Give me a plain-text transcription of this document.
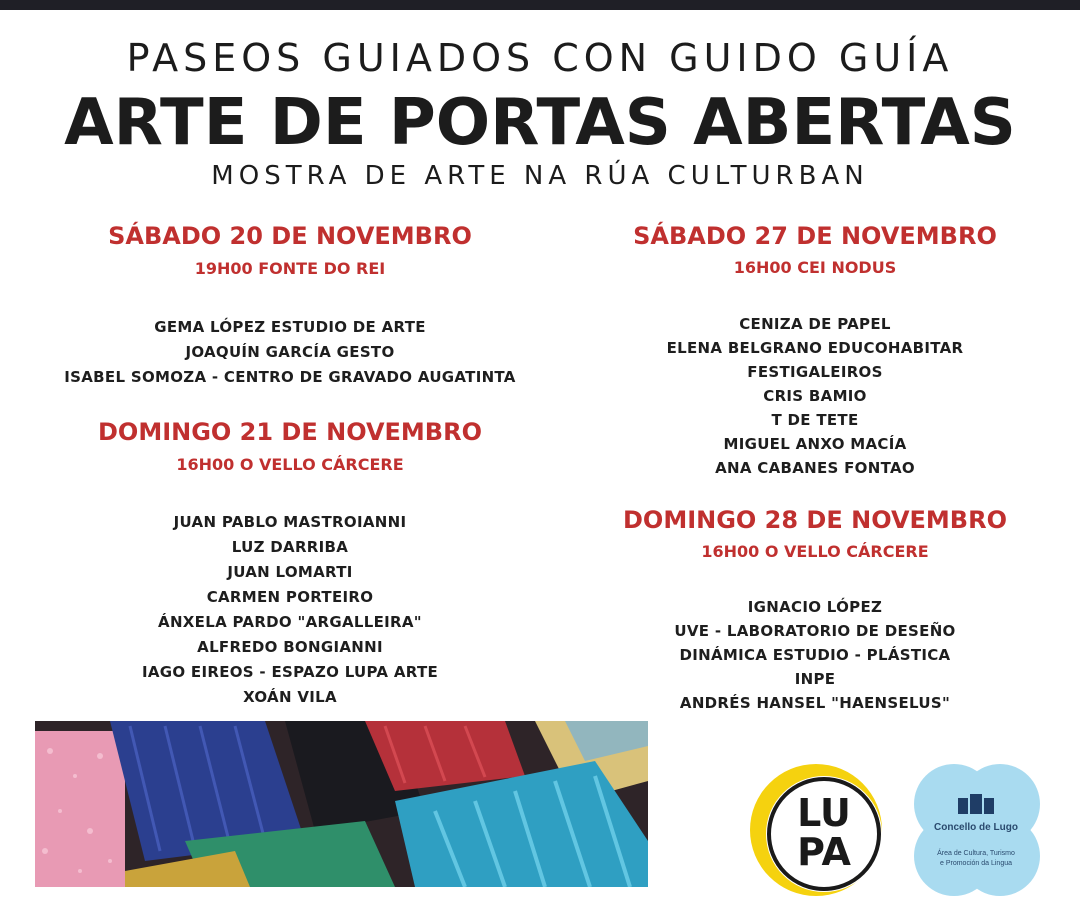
PASEOS GUIADOS CON GUIDO GUÍA
ARTE DE PORTAS ABERTAS
MOSTRA DE ARTE NA RÚA CULTURBAN
SÁBADO 20 DE NOVEMBRO
19H00 FONTE DO REI
GEMA LÓPEZ ESTUDIO DE ARTE
JOAQUÍN GARCÍA GESTO
ISABEL SOMOZA - CENTRO DE GRAVADO AUGATINTA
DOMINGO 21 DE NOVEMBRO
16H00 O VELLO CÁRCERE
JUAN PABLO MASTROIANNI
LUZ DARRIBA
JUAN LOMARTI
CARMEN PORTEIRO
ÁNXELA PARDO "ARGALLEIRA"
ALFREDO BONGIANNI
IAGO EIREOS - ESPAZO LUPA ARTE
XOÁN VILA
SÁBADO 27 DE NOVEMBRO
16H00 CEI NODUS
CENIZA DE PAPEL
ELENA BELGRANO EDUCOHABITAR
FESTIGALEIROS
CRIS BAMIO
T DE TETE
MIGUEL ANXO MACÍA
ANA CABANES FONTAO
DOMINGO 28 DE NOVEMBRO
16H00 O VELLO CÁRCERE
IGNACIO LÓPEZ
UVE - LABORATORIO DE DESEÑO
DINÁMICA ESTUDIO - PLÁSTICA
INPE
ANDRÉS HANSEL "HAENSELUS"
LU
PA
Concello de Lugo
Área de Cultura, Turismo
e Promoción da Lingua
